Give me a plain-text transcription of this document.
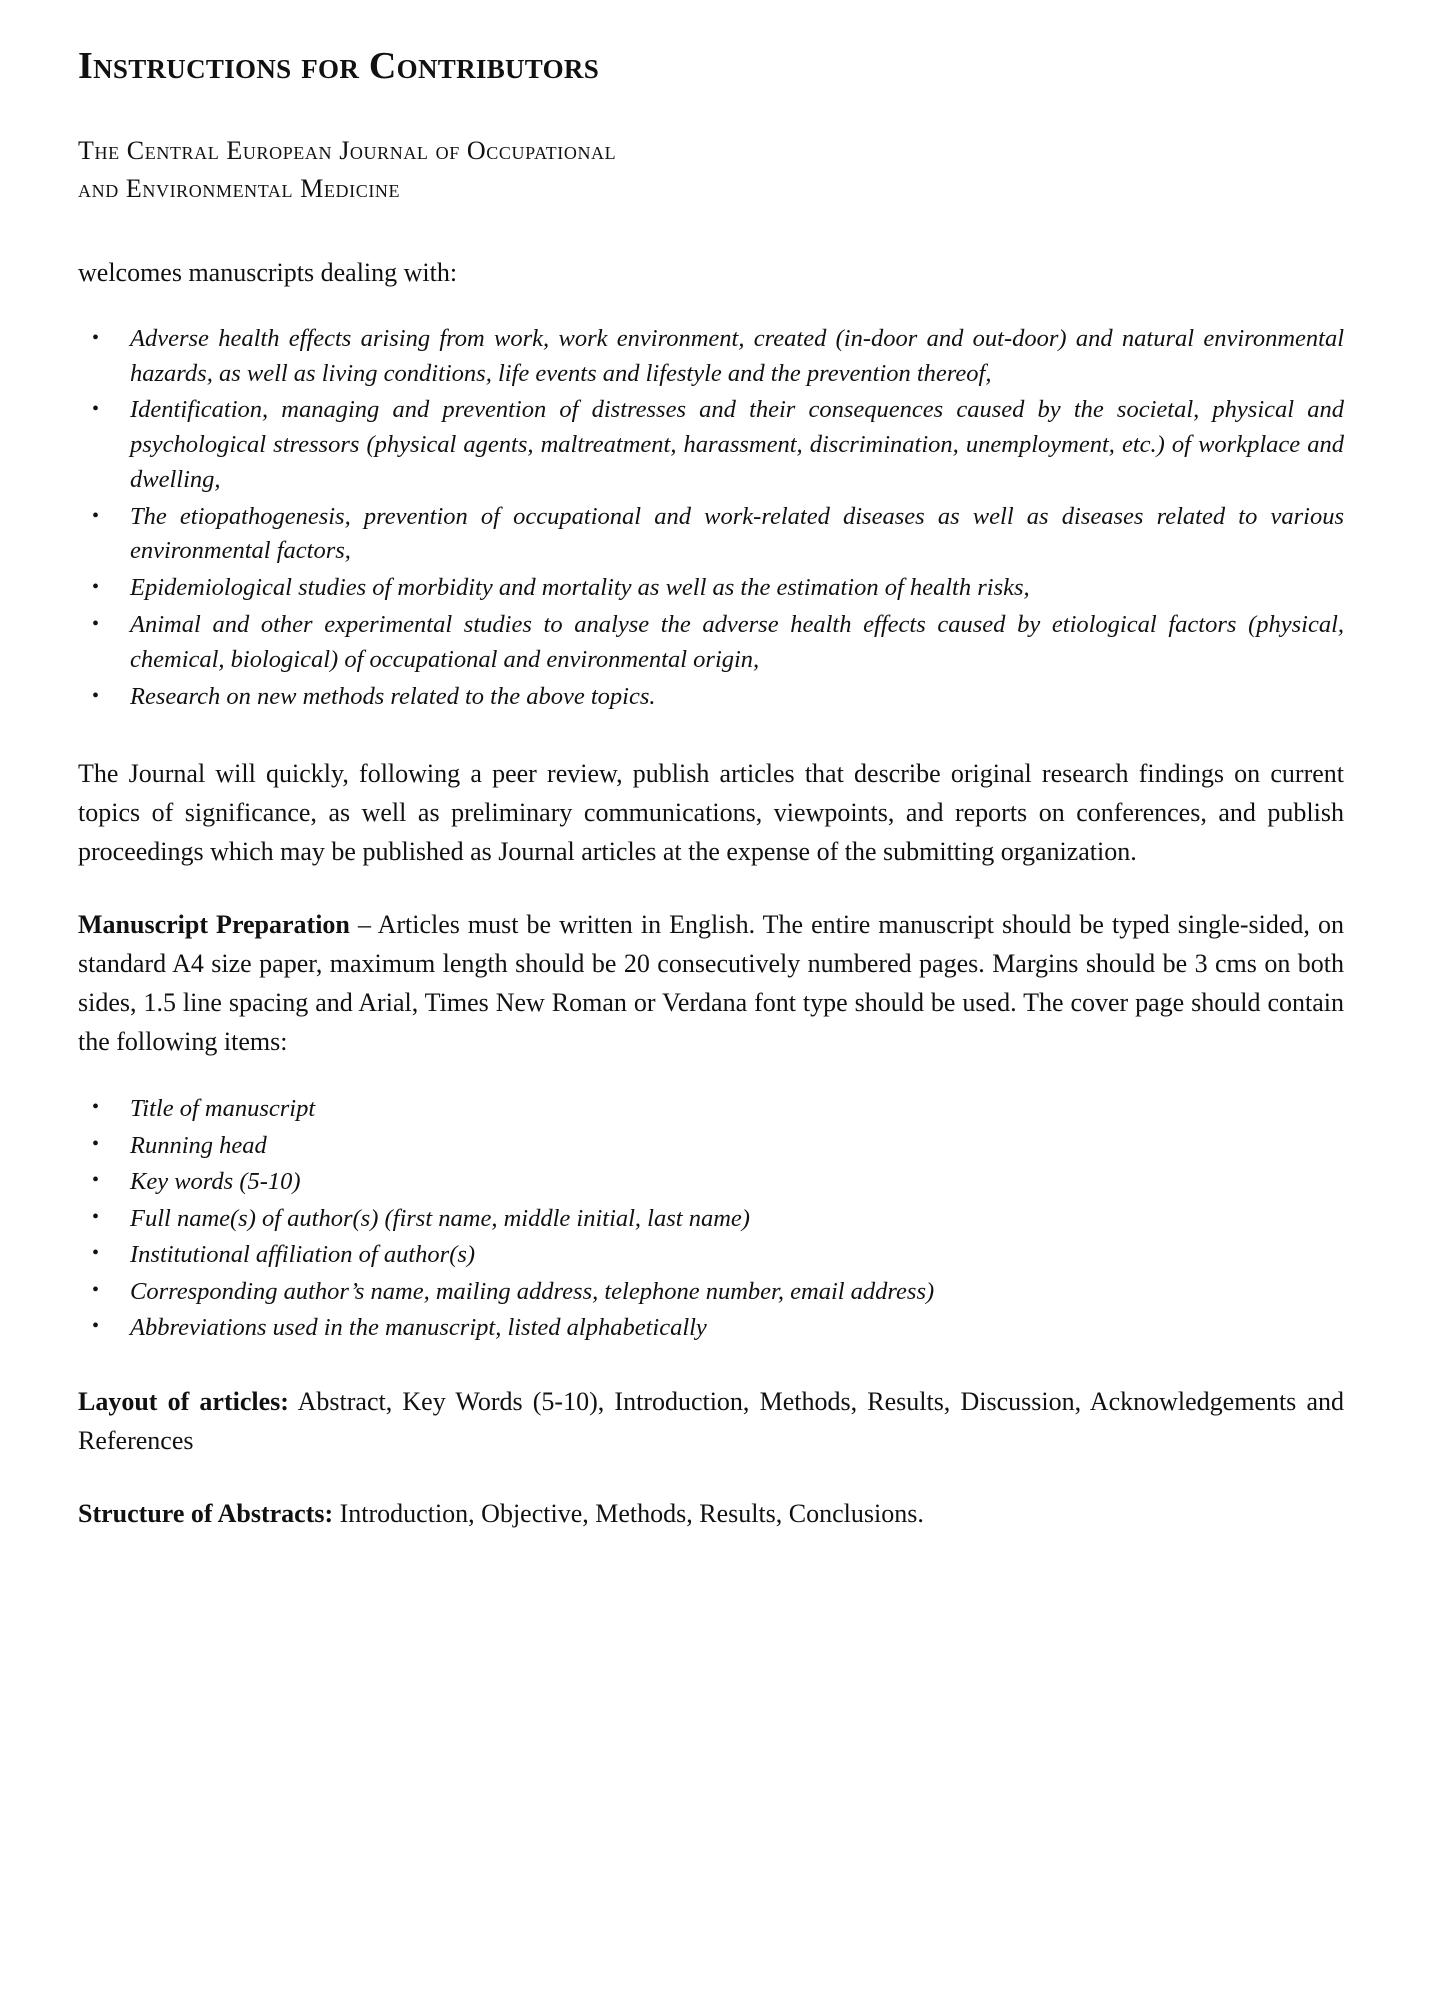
Instructions for Contributors
The Central European Journal of Occupational
and Environmental Medicine

welcomes manuscripts dealing with:

• Adverse health effects arising from work, work environment, created (in-door and out-door) and natural environmental hazards, as well as living conditions, life events and lifestyle and the prevention thereof,
• Identification, managing and prevention of distresses and their consequences caused by the societal, physical and psychological stressors (physical agents, maltreatment, harassment, discrimination, unemployment, etc.) of workplace and dwelling,
• The etiopathogenesis, prevention of occupational and work-related diseases as well as diseases related to various environmental factors,
• Epidemiological studies of morbidity and mortality as well as the estimation of health risks,
• Animal and other experimental studies to analyse the adverse health effects caused by etiological factors (physical, chemical, biological) of occupational and environmental origin,
• Research on new methods related to the above topics.

The Journal will quickly, following a peer review, publish articles that describe original research findings on current topics of significance, as well as preliminary communications, viewpoints, and reports on conferences, and publish proceedings which may be published as Journal articles at the expense of the submitting organization.

Manuscript Preparation – Articles must be written in English. The entire manuscript should be typed single-sided, on standard A4 size paper, maximum length should be 20 consecutively numbered pages. Margins should be 3 cms on both sides, 1.5 line spacing and Arial, Times New Roman or Verdana font type should be used. The cover page should contain the following items:

• Title of manuscript
• Running head
• Key words (5-10)
• Full name(s) of author(s) (first name, middle initial, last name)
• Institutional affiliation of author(s)
• Corresponding author’s name, mailing address, telephone number, email address)
• Abbreviations used in the manuscript, listed alphabetically

Layout of articles: Abstract, Key Words (5-10), Introduction, Methods, Results, Discussion, Acknowledgements and References

Structure of Abstracts: Introduction, Objective, Methods, Results, Conclusions.
